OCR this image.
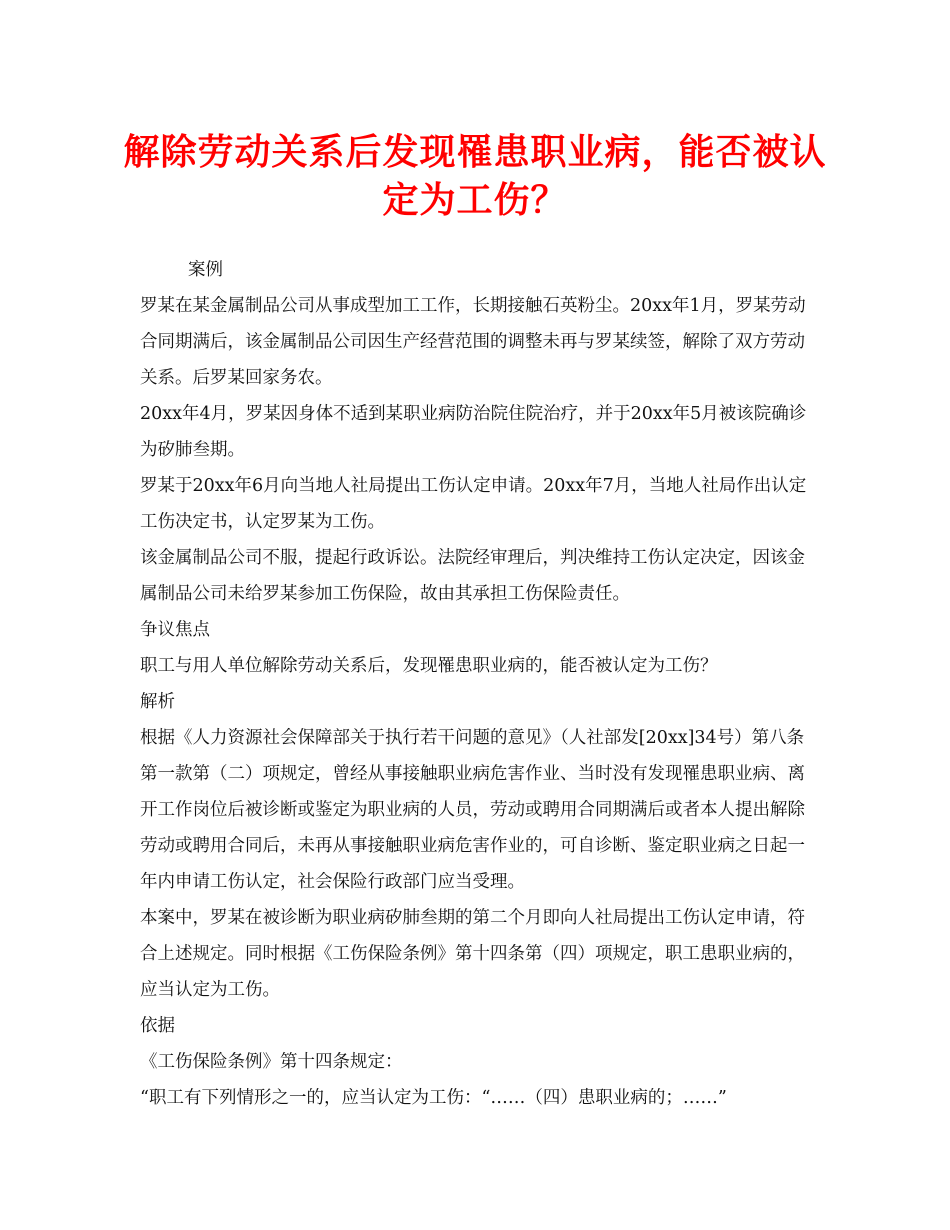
解除劳动关系后发现罹患职业病，能否被认定为工伤？

案例

罗某在某金属制品公司从事成型加工工作，长期接触石英粉尘。20xx年1月，罗某劳动合同期满后，该金属制品公司因生产经营范围的调整未再与罗某续签，解除了双方劳动关系。后罗某回家务农。

20xx年4月，罗某因身体不适到某职业病防治院住院治疗，并于20xx年5月被该院确诊为矽肺叁期。

罗某于20xx年6月向当地人社局提出工伤认定申请。20xx年7月，当地人社局作出认定工伤决定书，认定罗某为工伤。

该金属制品公司不服，提起行政诉讼。法院经审理后，判决维持工伤认定决定，因该金属制品公司未给罗某参加工伤保险，故由其承担工伤保险责任。

争议焦点

职工与用人单位解除劳动关系后，发现罹患职业病的，能否被认定为工伤？

解析

根据《人力资源社会保障部关于执行若干问题的意见》（人社部发[20xx]34号）第八条第一款第（二）项规定，曾经从事接触职业病危害作业、当时没有发现罹患职业病、离开工作岗位后被诊断或鉴定为职业病的人员，劳动或聘用合同期满后或者本人提出解除劳动或聘用合同后，未再从事接触职业病危害作业的，可自诊断、鉴定职业病之日起一年内申请工伤认定，社会保险行政部门应当受理。

本案中，罗某在被诊断为职业病矽肺叁期的第二个月即向人社局提出工伤认定申请，符合上述规定。同时根据《工伤保险条例》第十四条第（四）项规定，职工患职业病的，应当认定为工伤。

依据

《工伤保险条例》第十四条规定：

“职工有下列情形之一的，应当认定为工伤：“……（四）患职业病的；……”
